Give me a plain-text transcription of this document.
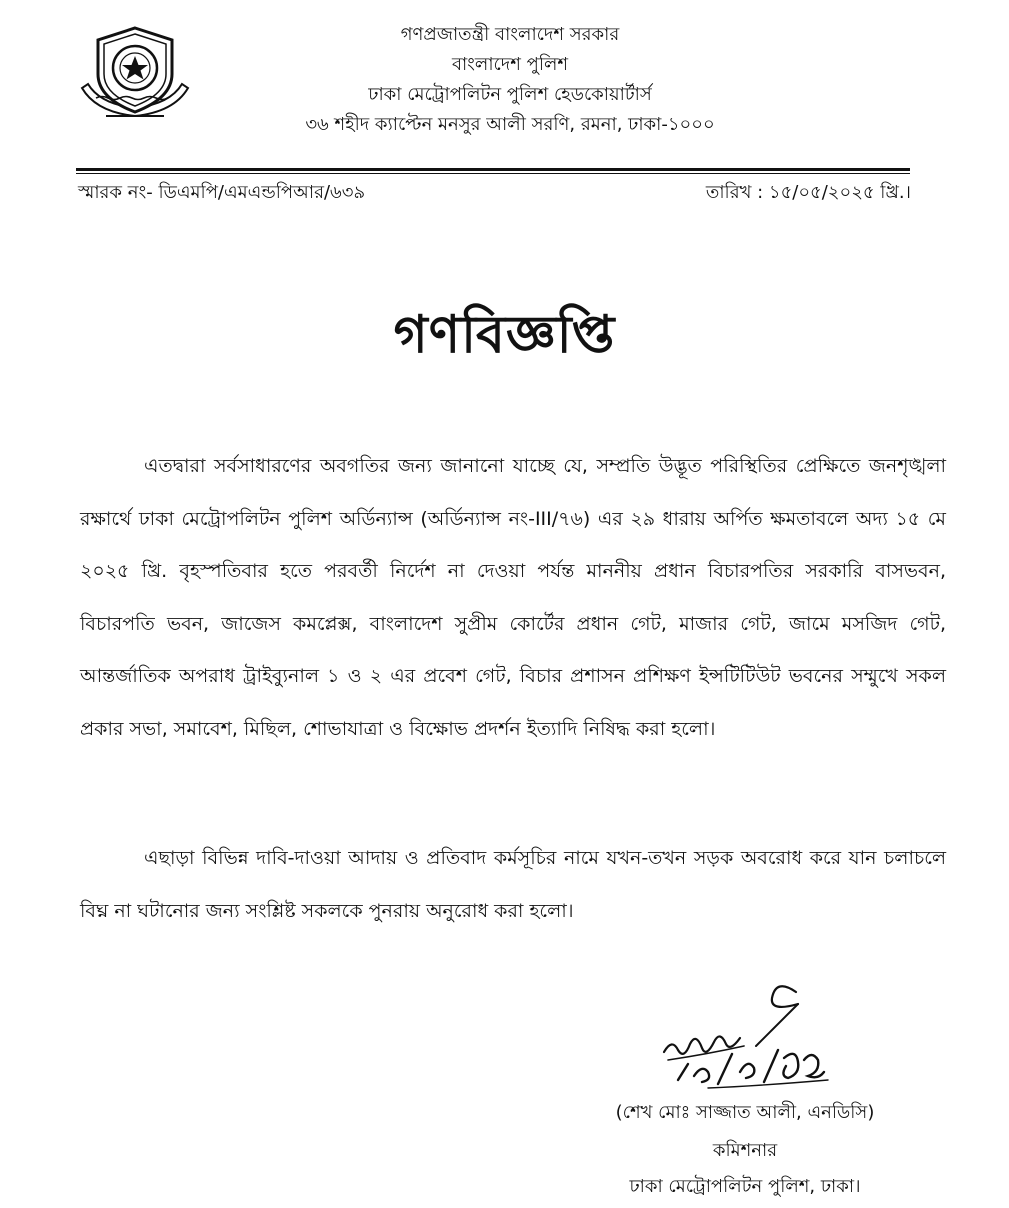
গণপ্রজাতন্ত্রী বাংলাদেশ সরকার
বাংলাদেশ পুলিশ
ঢাকা মেট্রোপলিটন পুলিশ হেডকোয়ার্টার্স
৩৬ শহীদ ক্যাপ্টেন মনসুর আলী সরণি, রমনা, ঢাকা-১০০০
স্মারক নং- ডিএমপি/এমএন্ডপিআর/৬৩৯	তারিখ : ১৫/০৫/২০২৫ খ্রি.।
গণবিজ্ঞপ্তি

এতদ্বারা সর্বসাধারণের অবগতির জন্য জানানো যাচ্ছে যে, সম্প্রতি উদ্ভূত পরিস্থিতির প্রেক্ষিতে জনশৃঙ্খলা রক্ষার্থে ঢাকা মেট্রোপলিটন পুলিশ অর্ডিন্যান্স (অর্ডিন্যান্স নং-III/৭৬) এর ২৯ ধারায় অর্পিত ক্ষমতাবলে অদ্য ১৫ মে ২০২৫ খ্রি. বৃহস্পতিবার হতে পরবর্তী নির্দেশ না দেওয়া পর্যন্ত মাননীয় প্রধান বিচারপতির সরকারি বাসভবন, বিচারপতি ভবন, জাজেস কমপ্লেক্স, বাংলাদেশ সুপ্রীম কোর্টের প্রধান গেট, মাজার গেট, জামে মসজিদ গেট, আন্তর্জাতিক অপরাধ ট্রাইব্যুনাল ১ ও ২ এর প্রবেশ গেট, বিচার প্রশাসন প্রশিক্ষণ ইন্সটিটিউট ভবনের সম্মুখে সকল প্রকার সভা, সমাবেশ, মিছিল, শোভাযাত্রা ও বিক্ষোভ প্রদর্শন ইত্যাদি নিষিদ্ধ করা হলো।

এছাড়া বিভিন্ন দাবি-দাওয়া আদায় ও প্রতিবাদ কর্মসূচির নামে যখন-তখন সড়ক অবরোধ করে যান চলাচলে বিঘ্ন না ঘটানোর জন্য সংশ্লিষ্ট সকলকে পুনরায় অনুরোধ করা হলো।

(শেখ মোঃ সাজ্জাত আলী, এনডিসি)
কমিশনার
ঢাকা মেট্রোপলিটন পুলিশ, ঢাকা।
